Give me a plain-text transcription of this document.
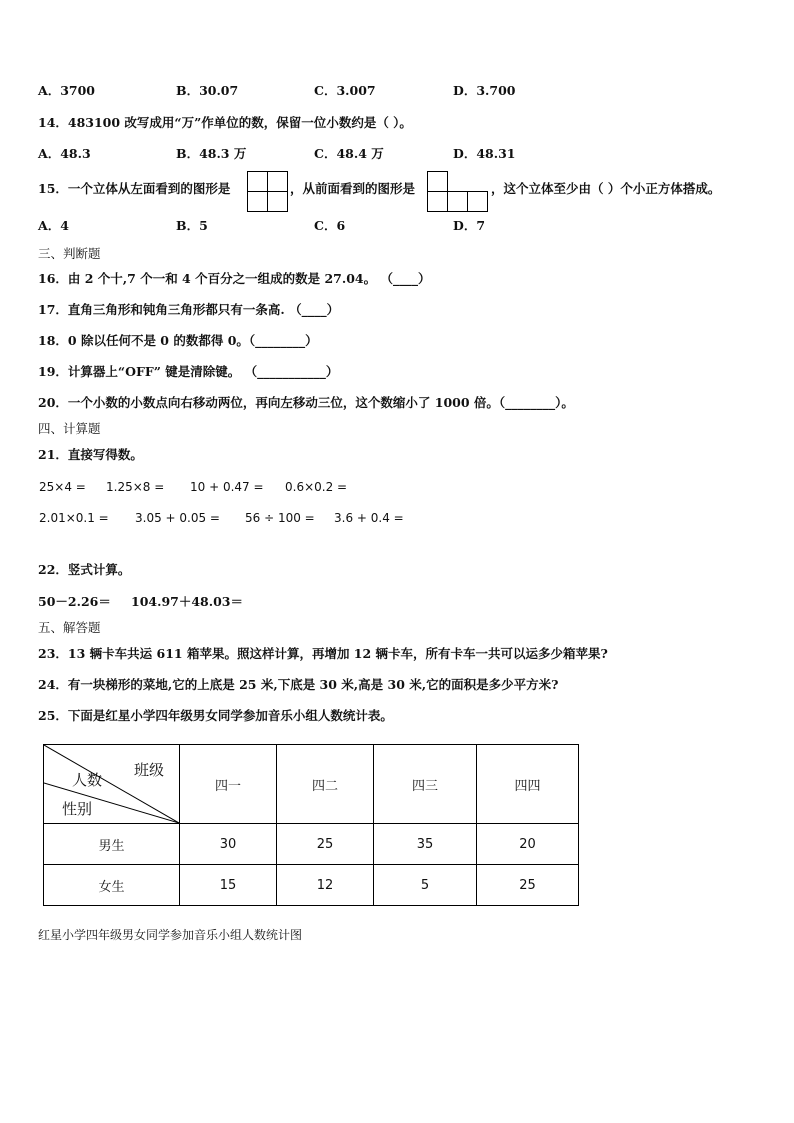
A．3700	B．30.07	C．3.007	D．3.700
14．483100 改写成用“万”作单位的数，保留一位小数约是（ ）。
A．48.3	B．48.3 万	C．48.4 万	D．48.31
15．一个立体从左面看到的图形是	，从前面看到的图形是	，这个立体至少由（ ）个小正方体搭成。
A．4	B．5	C．6	D．7
三、判断题
16．由 2 个十,7 个一和 4 个百分之一组成的数是 27.04。 （____）
17．直角三角形和钝角三角形都只有一条高. （____）
18．0 除以任何不是 0 的数都得 0。（________）
19．计算器上“OFF” 键是清除键。 （___________）
20．一个小数的小数点向右移动两位，再向左移动三位，这个数缩小了 1000 倍。（________）。
四、计算题
21．直接写得数。
25×4 = 1.25×8 = 10 + 0.47 = 0.6×0.2 =
2.01×0.1 = 3.05 + 0.05 = 56 ÷ 100 = 3.6 + 0.4 =
22．竖式计算。
50－2.26＝ 104.97＋48.03＝
五、解答题
23．13 辆卡车共运 611 箱苹果。照这样计算，再增加 12 辆卡车，所有卡车一共可以运多少箱苹果?
24．有一块梯形的菜地,它的上底是 25 米,下底是 30 米,高是 30 米,它的面积是多少平方米?
25．下面是红星小学四年级男女同学参加音乐小组人数统计表。
班级
人数
性别	四一	四二	四三	四四
男生	30	25	35	20
女生	15	12	5	25
红星小学四年级男女同学参加音乐小组人数统计图
